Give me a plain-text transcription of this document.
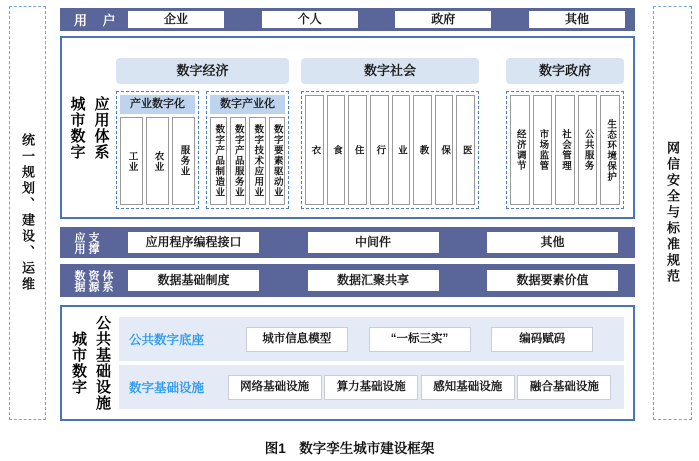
统一规划、建设、运维	网信安全与标准规范
用 户	企业	个人	政府	其他
城市数字 应用体系
数字经济
产业数字化
工业	农业	服务业
数字产业化
数字产品制造业 数字产品服务业 数字技术应用业 数字要素驱动业
数字社会
衣	食	住	行	业	教	保	医
数字政府
经济调节	市场监管	社会管理	公共服务	生态环境保护
应用 支撑	应用程序编程接口	中间件	其他
数据 资源 体系	数据基础制度	数据汇聚共享	数据要素价值
城市数字 公共基础设施 公共数字底座	城市信息模型	“一标三实”	编码赋码
数字基础设施	网络基础设施	算力基础设施	感知基础设施	融合基础设施
图1　数字孪生城市建设框架
